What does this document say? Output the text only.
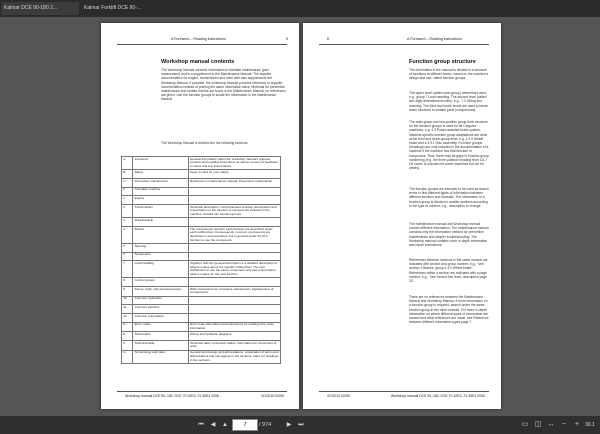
Kalmar DCE 90-180 2...	Kalmar Forklift DCE 90-...
A Foreword – Reading instructions	5
Workshop manual contents

The Workshop Manual contains information to facilitate maintenance (part replacement) and is a supplement to the Maintenance Manual. The supplier documentation for engine, transmission and drive axle also supplements the Workshop Manual. If possible, the Workshop Manual provides reference to supplier documentation instead of printing the same information twice. Methods for preventive maintenance and certain checks are found in the Maintenance Manual, no references are given. Use the function groups to locate the information in the Maintenance Manual.

The Workshop Manual is divided into the following sections:

A	Foreword	General information about the workshop manual's purpose, contents and reading instructions as well as survey for feedback of views and any inaccuracies.
B	Safety	Keep in mind for your safety.
C	Preventive maintenance	Reference to maintenance manual: Preventive maintenance.
0	Complete machine	
1	Engine	
2	Transmission	Technical description, comprehensive function descriptions and a description of the function of components included in the machine, divided into function groups.
3	Driveline/axle	
4	Brakes	The components used for each function are described under each subfunction. Consequently, common components are described in several places, but in general under the first function to use the component.
5	Steering	
6	Suspension	
7	Load handling	Together with the general description is a detailed description of what is unique about the specific subfunction. The next subfunction to use the same component only has a description what is unique for the new function.
8	Control system	
9	Frame, body, cab and accessories	Work instructions for corrective maintenance (replacement of components).
10	Common hydraulics	
11	Common electrics	
12	Common pneumatics	
D	Error codes	Error code information and instructions for reading error code information.
E	Schematics	Wiring and hydraulic diagrams
F	Technical data	Technical data, conversion tables, information for conversion of units.
G	Terminology and index	General terminology and abbreviations, explanation of terms and abbreviations that can appear in the sections, index for headings in the sections.
Workshop manual DCE 90–180, DCE 70-32E3–70-35E4 2006 -	VDCE10.00GB
6	A Foreword – Reading instructions
Function group structure

The information in the manual is divided in a structure of functions at different levels, based on the machine's design and use, called function groups.

The upper level (called main group) determines area, e.g., group 7 Load handling. The second level (called two-digit) determines function, e.g., 7.2 Lifting and lowering. The third and fourth levels are used to break down functions in smaller parts (components).

The main group and two-position group level structure for the function groups is used for all Cargotec machines, e.g. 4.3 Power-assisted brake system. Machine-specific function group adaptations are done at the third and fourth group level, e.g. 4.3.9 Wheel brake and 4.3.9.1 Disc assembly. Function groups (headings) are only included in the documentation of a machine if the machine has that function or component. Thus, there may be gaps in function group numbering (e.g. the three-position heading level 4.8.7 Oil cooler is included for some machines but not for others).

The function groups are intended to be used as search terms to find different types of information between different sections and manuals. The information in a function group is divided in smaller sections according to the type of content, e.g., description or change.

The maintenance manual and Workshop manual contain different information. The maintenance manual contains only the information needed for preventive maintenance and simpler troubleshooting. The Workshop manual contains more in-depth information and repair instructions.

References between sections in the same manual are indicated with section and group number, e.g., "see section 4 Brakes, group 4.3.9 Wheel brake". References within a section are indicated with a page number, e.g., "see Sensor fuel level, description page 24".

There are no references between the Maintenance Manual and Workshop Manual. If more information on a function group is required, search under the same function group in the other manual. For more in-depth information on where different types of information are located and what references are made, see Reference between different information types page 7.

VDCE10.00GB	Workshop manual DCE 90–180, DCE 70-32E3–70-35E4 2006 -
⏮	◀	▲	7	/ 974	▶	⏭	▭ ◫ ↔	−	+	30.1
